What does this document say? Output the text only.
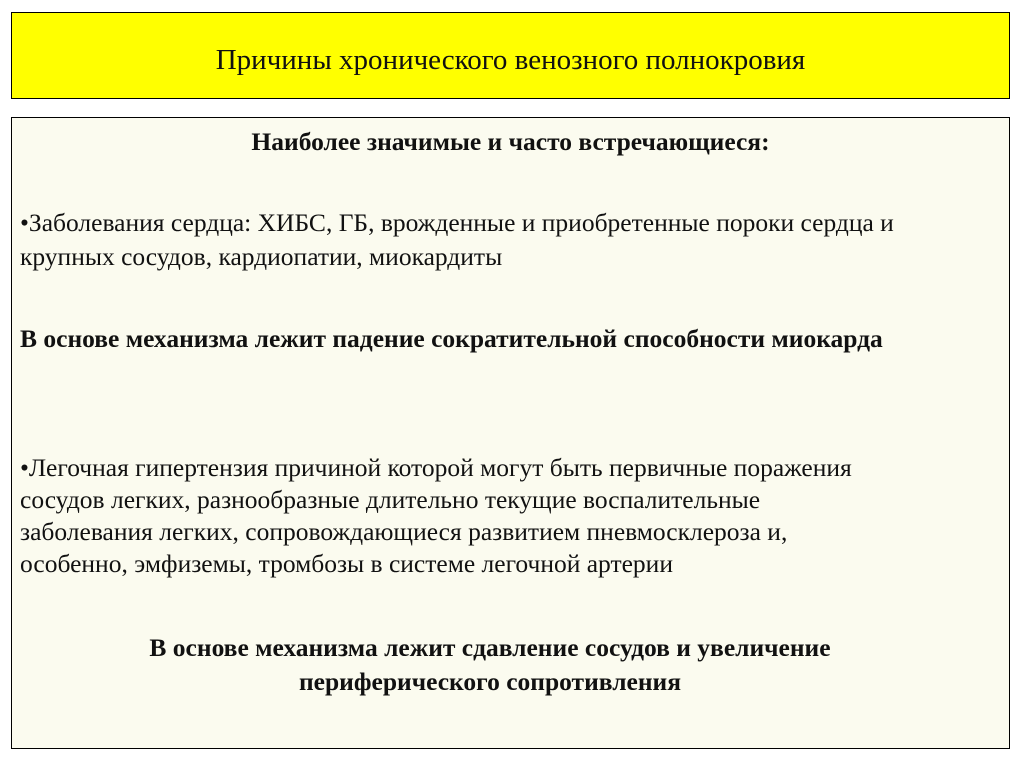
Причины хронического венозного полнокровия
Наиболее значимые и часто встречающиеся:
•Заболевания сердца: ХИБС, ГБ, врожденные и приобретенные пороки сердца и
крупных сосудов, кардиопатии, миокардиты
В основе механизма лежит падение сократительной способности миокарда
•Легочная гипертензия причиной которой могут быть первичные поражения
сосудов легких, разнообразные длительно текущие воспалительные
заболевания легких, сопровождающиеся развитием пневмосклероза и,
особенно, эмфиземы, тромбозы в системе легочной артерии
В основе механизма лежит сдавление сосудов и увеличение
периферического сопротивления
